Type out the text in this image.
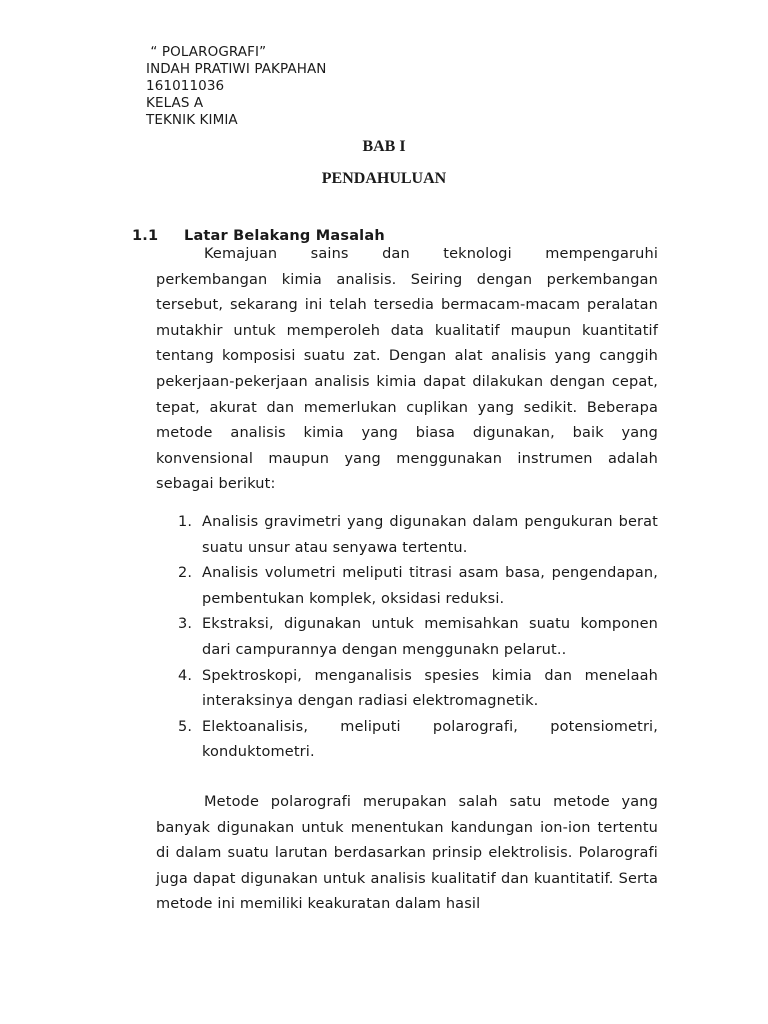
“ POLAROGRAFI”
INDAH PRATIWI PAKPAHAN
161011036
KELAS A
TEKNIK KIMIA
BAB I
PENDAHULUAN
1.1 Latar Belakang Masalah
Kemajuan sains dan teknologi mempengaruhi perkembangan kimia analisis. Seiring dengan perkembangan tersebut, sekarang ini telah tersedia bermacam-macam peralatan mutakhir untuk memperoleh data kualitatif maupun kuantitatif tentang komposisi suatu zat. Dengan alat analisis yang canggih pekerjaan-pekerjaan analisis kimia dapat dilakukan dengan cepat, tepat, akurat dan memerlukan cuplikan yang sedikit. Beberapa metode analisis kimia yang biasa digunakan, baik yang konvensional maupun yang menggunakan instrumen adalah sebagai berikut:
1. Analisis gravimetri yang digunakan dalam pengukuran berat suatu unsur atau senyawa tertentu.
2. Analisis volumetri meliputi titrasi asam basa, pengendapan, pembentukan komplek, oksidasi reduksi.
3. Ekstraksi, digunakan untuk memisahkan suatu komponen dari campurannya dengan menggunakn pelarut..
4. Spektroskopi, menganalisis spesies kimia dan menelaah interaksinya dengan radiasi elektromagnetik.
5. Elektoanalisis, meliputi polarografi, potensiometri, konduktometri.
Metode polarografi merupakan salah satu metode yang banyak digunakan untuk menentukan kandungan ion-ion tertentu di dalam suatu larutan berdasarkan prinsip elektrolisis. Polarografi juga dapat digunakan untuk analisis kualitatif dan kuantitatif. Serta metode ini memiliki keakuratan dalam hasil
